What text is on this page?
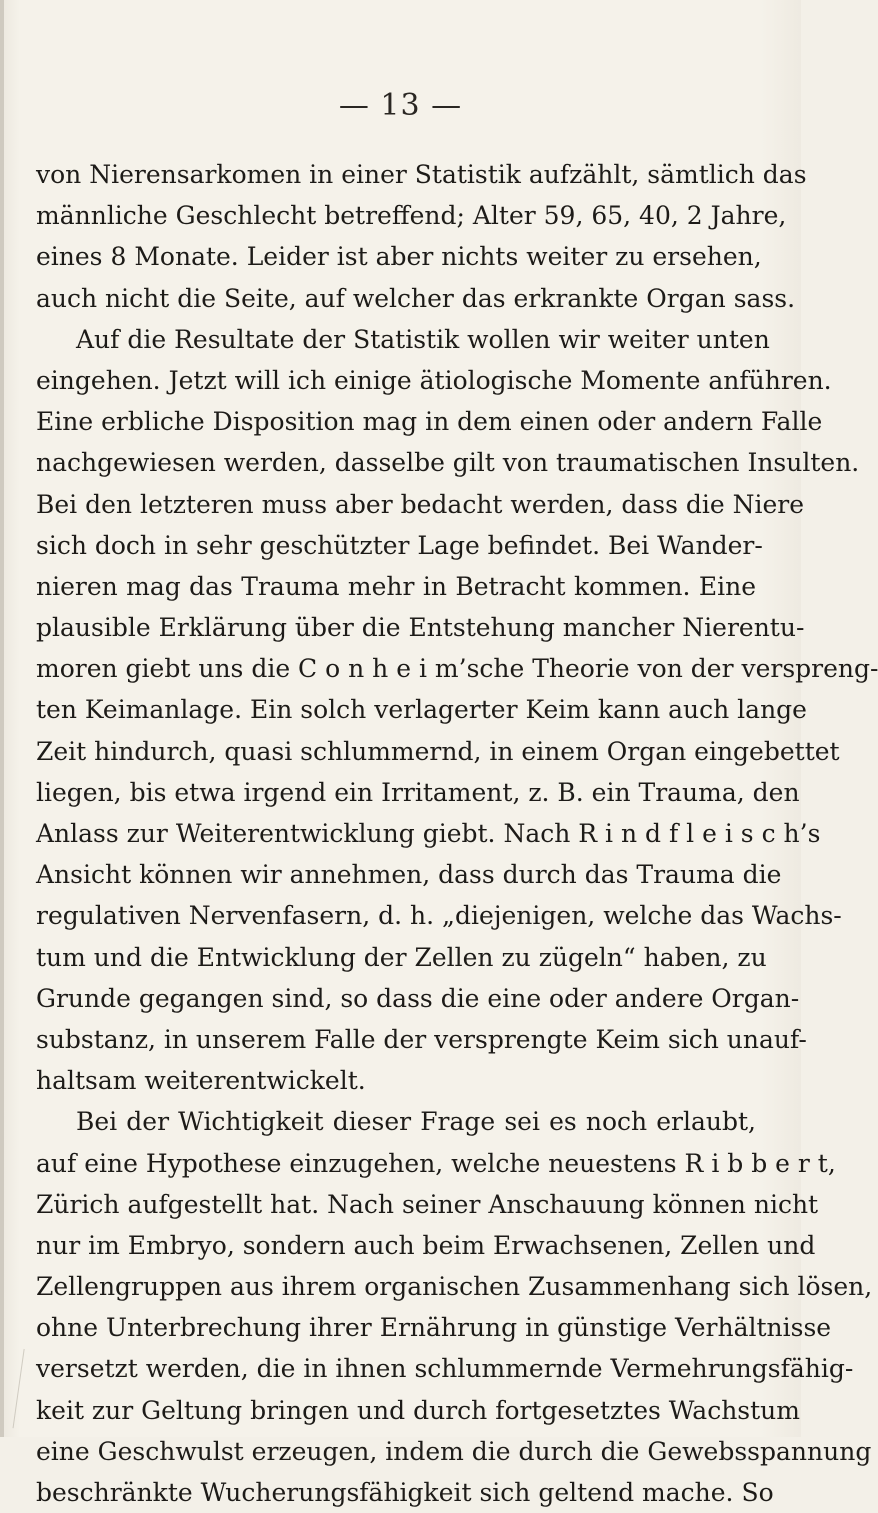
— 13 —
von Nierensarkomen in einer Statistik aufzählt, sämtlich das
männliche Geschlecht betreffend; Alter 59, 65, 40, 2 Jahre,
eines 8 Monate. Leider ist aber nichts weiter zu ersehen,
auch nicht die Seite, auf welcher das erkrankte Organ sass.
Auf die Resultate der Statistik wollen wir weiter unten
eingehen. Jetzt will ich einige ätiologische Momente anführen.
Eine erbliche Disposition mag in dem einen oder andern Falle
nachgewiesen werden, dasselbe gilt von traumatischen Insulten.
Bei den letzteren muss aber bedacht werden, dass die Niere
sich doch in sehr geschützter Lage befindet. Bei Wander-
nieren mag das Trauma mehr in Betracht kommen. Eine
plausible Erklärung über die Entstehung mancher Nierentu-
moren giebt uns die C o n h e i m’sche Theorie von der verspreng-
ten Keimanlage. Ein solch verlagerter Keim kann auch lange
Zeit hindurch, quasi schlummernd, in einem Organ eingebettet
liegen, bis etwa irgend ein Irritament, z. B. ein Trauma, den
Anlass zur Weiterentwicklung giebt. Nach R i n d f l e i s c h’s
Ansicht können wir annehmen, dass durch das Trauma die
regulativen Nervenfasern, d. h. „diejenigen, welche das Wachs-
tum und die Entwicklung der Zellen zu zügeln“ haben, zu
Grunde gegangen sind, so dass die eine oder andere Organ-
substanz, in unserem Falle der versprengte Keim sich unauf-
haltsam weiterentwickelt.
Bei der Wichtigkeit dieser Frage sei es noch erlaubt,
auf eine Hypothese einzugehen, welche neuestens R i b b e r t,
Zürich aufgestellt hat. Nach seiner Anschauung können nicht
nur im Embryo, sondern auch beim Erwachsenen, Zellen und
Zellengruppen aus ihrem organischen Zusammenhang sich lösen,
ohne Unterbrechung ihrer Ernährung in günstige Verhältnisse
versetzt werden, die in ihnen schlummernde Vermehrungsfähig-
keit zur Geltung bringen und durch fortgesetztes Wachstum
eine Geschwulst erzeugen, indem die durch die Gewebsspannung
beschränkte Wucherungsfähigkeit sich geltend mache. So
